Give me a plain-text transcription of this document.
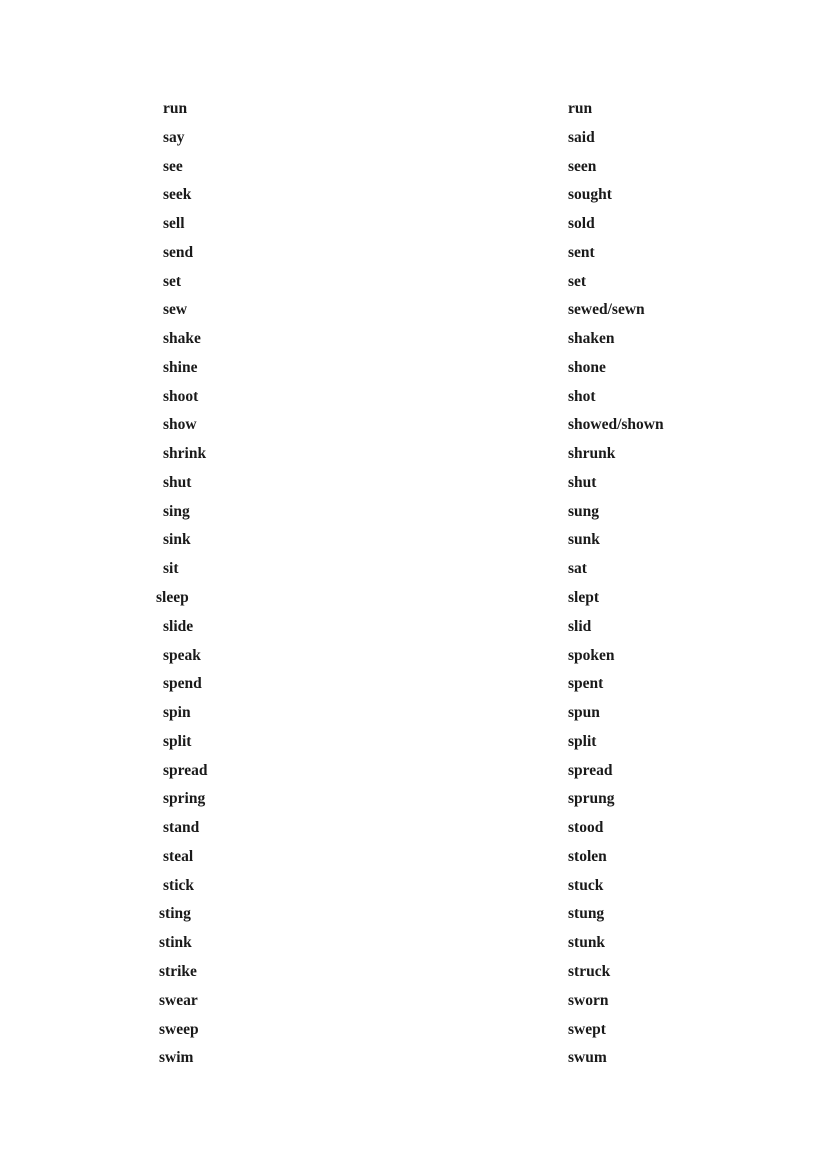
run	run
say	said
see	seen
seek	sought
sell	sold
send	sent
set	set
sew	sewed/sewn
shake	shaken
shine	shone
shoot	shot
show	showed/shown
shrink	shrunk
shut	shut
sing	sung
sink	sunk
sit	sat
sleep	slept
slide	slid
speak	spoken
spend	spent
spin	spun
split	split
spread	spread
spring	sprung
stand	stood
steal	stolen
stick	stuck
sting	stung
stink	stunk
strike	struck
swear	sworn
sweep	swept
swim	swum
